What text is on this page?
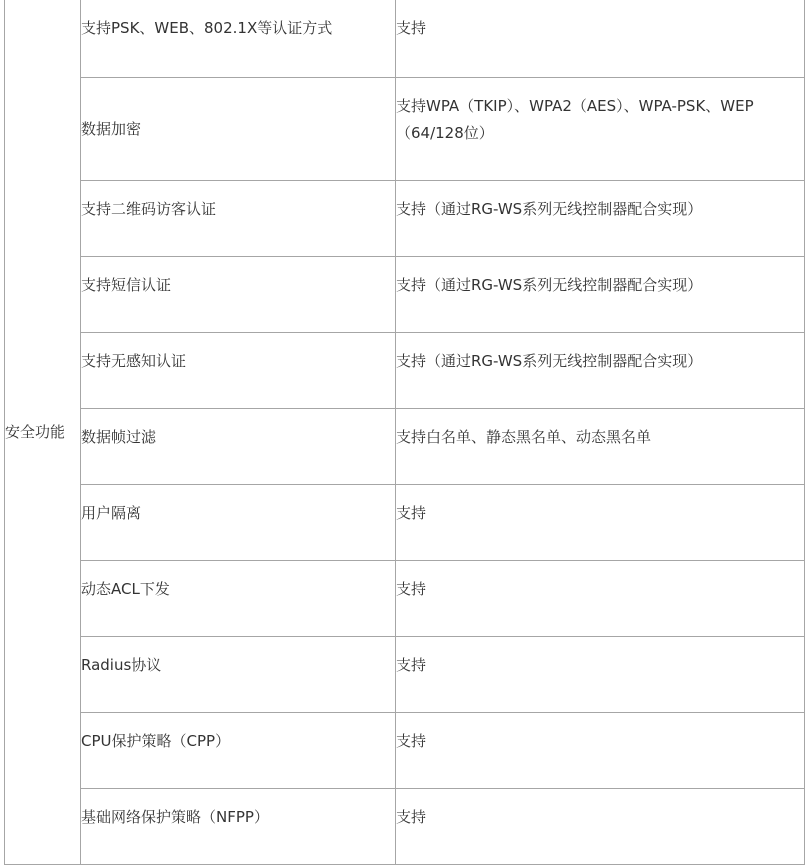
安全功能	支持PSK、WEB、802.1X等认证方式	支持

	数据加密	支持WPA（TKIP）、WPA2（AES）、WPA-PSK、WEP（64/128位）

	支持二维码访客认证	支持（通过RG-WS系列无线控制器配合实现）

	支持短信认证	支持（通过RG-WS系列无线控制器配合实现）

	支持无感知认证	支持（通过RG-WS系列无线控制器配合实现）

	数据帧过滤	支持白名单、静态黑名单、动态黑名单

	用户隔离	支持

	动态ACL下发	支持

	Radius协议	支持

	CPU保护策略（CPP）	支持

	基础网络保护策略（NFPP）	支持
